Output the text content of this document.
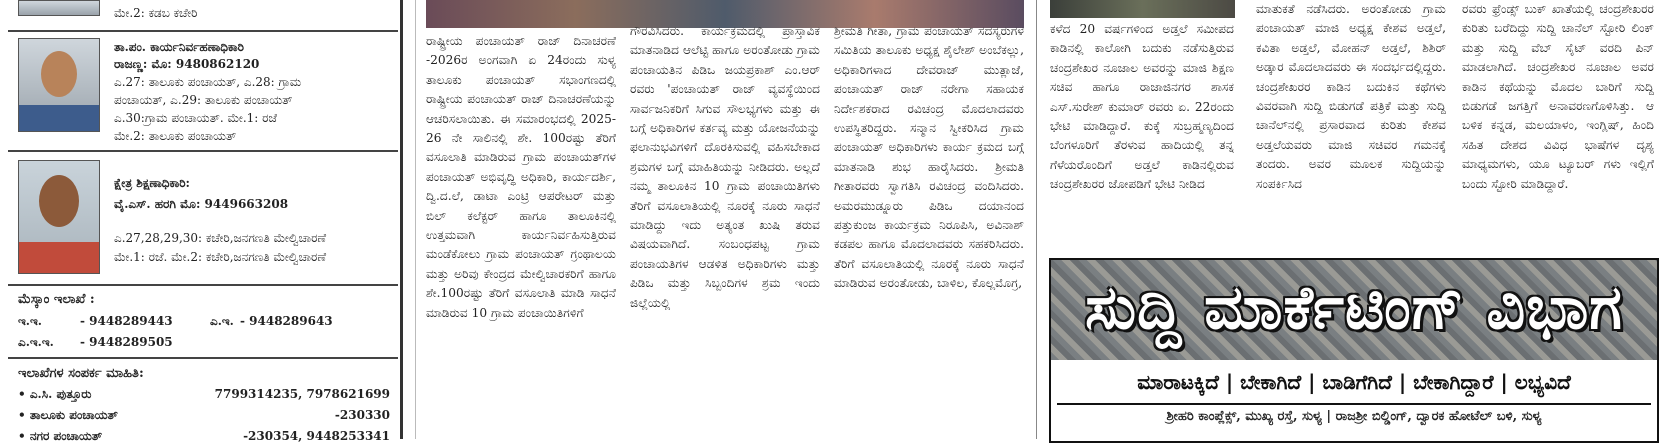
ಮೇ.2: ಕಡಬ ಕಚೇರಿ
ತಾ.ಪಂ. ಕಾರ್ಯನಿರ್ವಹಣಾಧಿಕಾರಿ
ರಾಜಣ್ಣ: ಮೊ: 9480862120
ಎ.27: ತಾಲೂಕು ಪಂಚಾಯತ್, ಎ.28: ಗ್ರಾಮ
ಪಂಚಾಯತ್, ಎ.29: ತಾಲೂಕು ಪಂಚಾಯತ್
ಎ.30:ಗ್ರಾಮ ಪಂಚಾಯತ್. ಮೇ.1: ರಜೆ
ಮೇ.2: ತಾಲೂಕು ಪಂಚಾಯತ್
ಕ್ಷೇತ್ರ ಶಿಕ್ಷಣಾಧಿಕಾರಿ:
ವೈ.ಎಸ್. ಹರಗಿ ಮೊ: 9449663208
ಎ.27,28,29,30: ಕಚೇರಿ,ಜನಗಣತಿ ಮೇಲ್ವಿಚಾರಣೆ
ಮೇ.1: ರಜೆ. ಮೇ.2: ಕಚೇರಿ,ಜನಗಣತಿ ಮೇಲ್ವಿಚಾರಣೆ
ಮೆಸ್ಕಾಂ ಇಲಾಖೆ :
ಇ.ಇ.	- 9448289443	ಎ.ಇ. - 9448289643
ಎ.ಇ.ಇ. - 9448289505
ಇಲಾಖೆಗಳ ಸಂಪರ್ಕ ಮಾಹಿತಿ:
• ಎ.ಸಿ. ಪುತ್ತೂರು	7799314235, 7978621699
• ತಾಲೂಕು ಪಂಚಾಯತ್	-230330
• ನಗರ ಪಂಚಾಯತ್	-230354, 9448253341
ರಾಷ್ಟ್ರೀಯ ಪಂಚಾಯತ್ ರಾಜ್ ದಿನಾಚರಣೆ -2026ರ ಅಂಗವಾಗಿ ಏ 24ರಂದು ಸುಳ್ಯ ತಾಲೂಕು ಪಂಚಾಯತ್ ಸಭಾಂಗಣದಲ್ಲಿ ರಾಷ್ಟ್ರೀಯ ಪಂಚಾಯತ್ ರಾಜ್ ದಿನಾಚರಣೆಯನ್ನು ಆಚರಿಸಲಾಯಿತು. ಈ ಸಮಾರಂಭದಲ್ಲಿ 2025-26 ನೇ ಸಾಲಿನಲ್ಲಿ ಶೇ. 100ರಷ್ಟು ತೆರಿಗೆ ವಸೂಲಾತಿ ಮಾಡಿರುವ ಗ್ರಾಮ ಪಂಚಾಯತ್‌ಗಳ ಪಂಚಾಯತ್ ಅಭಿವೃದ್ಧಿ ಅಧಿಕಾರಿ, ಕಾರ್ಯದರ್ಶಿ, ದ್ವಿ.ದ.ಲೆ, ಡಾಟಾ ಎಂಟ್ರಿ ಆಪರೇಟರ್ ಮತ್ತು ಬಿಲ್ ಕಲೆಕ್ಟರ್ ಹಾಗೂ ತಾಲೂಕಿನಲ್ಲಿ ಉತ್ತಮವಾಗಿ ಕಾರ್ಯನಿರ್ವಹಿಸುತ್ತಿರುವ ಮಂಡೆಕೋಲು ಗ್ರಾಮ ಪಂಚಾಯತ್ ಗ್ರಂಥಾಲಯ ಮತ್ತು ಅರಿವು ಕೇಂದ್ರದ ಮೇಲ್ವಿಚಾರಕರಿಗೆ ಹಾಗೂ ಶೇ.100ರಷ್ಟು ತೆರಿಗೆ ವಸೂಲಾತಿ ಮಾಡಿ ಸಾಧನೆ ಮಾಡಿರುವ 10 ಗ್ರಾಮ ಪಂಚಾಯಿತಿಗಳಿಗೆ
ಗೌರವಿಸಿದರು. ಕಾರ್ಯಕ್ರಮದಲ್ಲಿ ಪ್ರಾಸ್ತಾವಿಕ ಮಾತನಾಡಿದ ಆಲೆಟ್ಟಿ ಹಾಗೂ ಅರಂತೋಡು ಗ್ರಾಮ ಪಂಚಾಯತಿನ ಪಿಡಿಒ ಜಯಪ್ರಕಾಶ್ ಎಂ.ಆರ್ ರವರು 'ಪಂಚಾಯತ್ ರಾಜ್ ವ್ಯವಸ್ಥೆಯಿಂದ ಸಾರ್ವಜನಿಕರಿಗೆ ಸಿಗುವ ಸೌಲಭ್ಯಗಳು ಮತ್ತು ಈ ಬಗ್ಗೆ ಅಧಿಕಾರಿಗಳ ಕರ್ತವ್ಯ ಮತ್ತು ಯೋಜನೆಯನ್ನು ಫಲಾನುಭವಿಗಳಿಗೆ ದೊರಕಿಸುವಲ್ಲಿ ವಹಿಸಬೇಕಾದ ಶ್ರಮಗಳ ಬಗ್ಗೆ ಮಾಹಿತಿಯನ್ನು ನೀಡಿದರು. ಅಲ್ಲದೆ ನಮ್ಮ ತಾಲೂಕಿನ 10 ಗ್ರಾಮ ಪಂಚಾಯಿತಿಗಳು ತೆರಿಗೆ ವಸೂಲಾತಿಯಲ್ಲಿ ನೂರಕ್ಕೆ ನೂರು ಸಾಧನೆ ಮಾಡಿದ್ದು ಇದು ಅತ್ಯಂತ ಖುಷಿ ತರುವ ವಿಷಯವಾಗಿದೆ. ಸಂಬಂಧಪಟ್ಟ ಗ್ರಾಮ ಪಂಚಾಯತಿಗಳ ಆಡಳಿತ ಅಧಿಕಾರಿಗಳು ಮತ್ತು ಪಿಡಿಒ ಮತ್ತು ಸಿಬ್ಬಂದಿಗಳ ಶ್ರಮ ಇಂದು ಜಿಲ್ಲೆಯಲ್ಲಿ
ಶ್ರೀಮತಿ ಗೀತಾ, ಗ್ರಾಮ ಪಂಚಾಯತ್ ಸದಸ್ಯರುಗಳ ಸಮಿತಿಯ ತಾಲೂಕು ಅಧ್ಯಕ್ಷ ಶೈಲೇಶ್ ಅಂಬೆಕಲ್ಲು, ಅಧಿಕಾರಿಗಳಾದ ದೇವರಾಜ್ ಮುತ್ಲಾಜೆ, ಪಂಚಾಯತ್ ರಾಜ್ ನರೇಗಾ ಸಹಾಯಕ ನಿರ್ದೇಶಕರಾದ ರವಿಚಂದ್ರ ಮೊದಲಾದವರು ಉಪಸ್ಥಿತರಿದ್ದರು. ಸನ್ಮಾನ ಸ್ವೀಕರಿಸಿದ ಗ್ರಾಮ ಪಂಚಾಯತ್ ಅಧಿಕಾರಿಗಳು ಕಾರ್ಯ ಕ್ರಮದ ಬಗ್ಗೆ ಮಾತನಾಡಿ ಶುಭ ಹಾರೈಸಿದರು. ಶ್ರೀಮತಿ ಗೀತಾರವರು ಸ್ವಾಗತಿಸಿ ರವಿಚಂದ್ರ ವಂದಿಸಿದರು. ಅಮರಮುಡ್ನೂರು ಪಿಡಿಒ ದಯಾನಂದ ಪತ್ತುಕುಂಜ ಕಾರ್ಯಕ್ರಮ ನಿರೂಪಿಸಿ, ಅವಿನಾಶ್ ಕಡಪಲ ಹಾಗೂ ಮೊದಲಾದವರು ಸಹಕರಿಸಿದರು. ತೆರಿಗೆ ವಸೂಲಾತಿಯಲ್ಲಿ ನೂರಕ್ಕೆ ನೂರು ಸಾಧನೆ ಮಾಡಿರುವ ಅರಂತೋಡು, ಬಾಳಿಲ, ಕೊಲ್ಲಮೊಗ್ರ,
ಕಳೆದ 20 ವರ್ಷಗಳಿಂದ ಅಡ್ತಲೆ ಸಮೀಪದ ಕಾಡಿನಲ್ಲಿ ಕಾಲೋಗಿ ಬದುಕು ನಡೆಸುತ್ತಿರುವ ಚಂದ್ರಶೇಖರ ನೂಜಾಲ ಅವರನ್ನು ಮಾಜಿ ಶಿಕ್ಷಣ ಸಚಿವ ಹಾಗೂ ರಾಜಾಜಿನಗರ ಶಾಸಕ ಎಸ್.ಸುರೇಶ್ ಕುಮಾರ್ ರವರು ಏ. 22ರಂದು ಭೇಟಿ ಮಾಡಿದ್ದಾರೆ. ಕುಕ್ಕೆ ಸುಬ್ರಹ್ಮಣ್ಯದಿಂದ ಬೆಂಗಳೂರಿಗೆ ತೆರಳುವ ಹಾದಿಯಲ್ಲಿ ತನ್ನ ಗೆಳೆಯರೊಂದಿಗೆ ಅಡ್ತಲೆ ಕಾಡಿನಲ್ಲಿರುವ ಚಂದ್ರಶೇಖರರ ಜೋಪಡಿಗೆ ಭೇಟಿ ನೀಡಿದ
ಮಾತುಕತೆ ನಡೆಸಿದರು. ಅರಂತೋಡು ಗ್ರಾಮ ಪಂಚಾಯತ್ ಮಾಜಿ ಅಧ್ಯಕ್ಷ ಕೇಶವ ಅಡ್ತಲೆ, ಕವಿತಾ ಅಡ್ತಲೆ, ಮೋಹನ್ ಅಡ್ತಲೆ, ಶಿಶಿರ್ ಅಡ್ಕಾರ ಮೊದಲಾದವರು ಈ ಸಂದರ್ಭದಲ್ಲಿದ್ದರು. ಚಂದ್ರಶೇಖರರ ಕಾಡಿನ ಬದುಕಿನ ಕಥೆಗಳು ವಿವರವಾಗಿ ಸುದ್ದಿ ಬಿಡುಗಡೆ ಪತ್ರಿಕೆ ಮತ್ತು ಸುದ್ದಿ ಚಾನೆಲ್‌ನಲ್ಲಿ ಪ್ರಸಾರವಾದ ಕುರಿತು ಕೇಶವ ಅಡ್ತಲೆಯವರು ಮಾಜಿ ಸಚಿವರ ಗಮನಕ್ಕೆ ತಂದರು. ಅವರ ಮೂಲಕ ಸುದ್ದಿಯನ್ನು ಸಂಪರ್ಕಿಸಿದ
ರವರು ಫ್ರೆಂಡ್ಸ್ ಬುಕ್ ಖಾತೆಯಲ್ಲಿ ಚಂದ್ರಶೇಖರರ ಕುರಿತು ಬರೆದಿದ್ದು ಸುದ್ದಿ ಚಾನೆಲ್ ಸ್ಟೋರಿ ಲಿಂಕ್ ಮತ್ತು ಸುದ್ದಿ ವೆಬ್ ಸೈಟ್ ವರದಿ ಪಿನ್ ಮಾಡಲಾಗಿದೆ. ಚಂದ್ರಶೇಖರ ನೂಜಾಲ ಅವರ ಕಾಡಿನ ಕಥೆಯನ್ನು ಮೊದಲ ಬಾರಿಗೆ ಸುದ್ದಿ ಬಿಡುಗಡೆ ಜಗತ್ತಿಗೆ ಅನಾವರಣಗೊಳಿಸಿತ್ತು. ಆ ಬಳಿಕ ಕನ್ನಡ, ಮಲಯಾಳಂ, ಇಂಗ್ಲಿಷ್, ಹಿಂದಿ ಸಹಿತ ದೇಶದ ವಿವಿಧ ಭಾಷೆಗಳ ದೃಶ್ಯ ಮಾಧ್ಯಮಗಳು, ಯೂ ಟ್ಯೂಬರ್ ಗಳು ಇಲ್ಲಿಗೆ ಬಂದು ಸ್ಟೋರಿ ಮಾಡಿದ್ದಾರೆ.
ಸುದ್ದಿ ಮಾರ್ಕೆಟಿಂಗ್ ವಿಭಾಗ
ಮಾರಾಟಕ್ಕಿದೆ | ಬೇಕಾಗಿದೆ | ಬಾಡಿಗೆಗಿದೆ | ಬೇಕಾಗಿದ್ದಾರೆ | ಲಭ್ಯವಿದೆ
ಶ್ರೀಹರಿ ಕಾಂಪ್ಲೆಕ್ಸ್, ಮುಖ್ಯ ರಸ್ತೆ, ಸುಳ್ಯ | ರಾಜಶ್ರೀ ಬಿಲ್ಡಿಂಗ್, ದ್ವಾರಕ ಹೋಟೆಲ್ ಬಳಿ, ಸುಳ್ಯ
